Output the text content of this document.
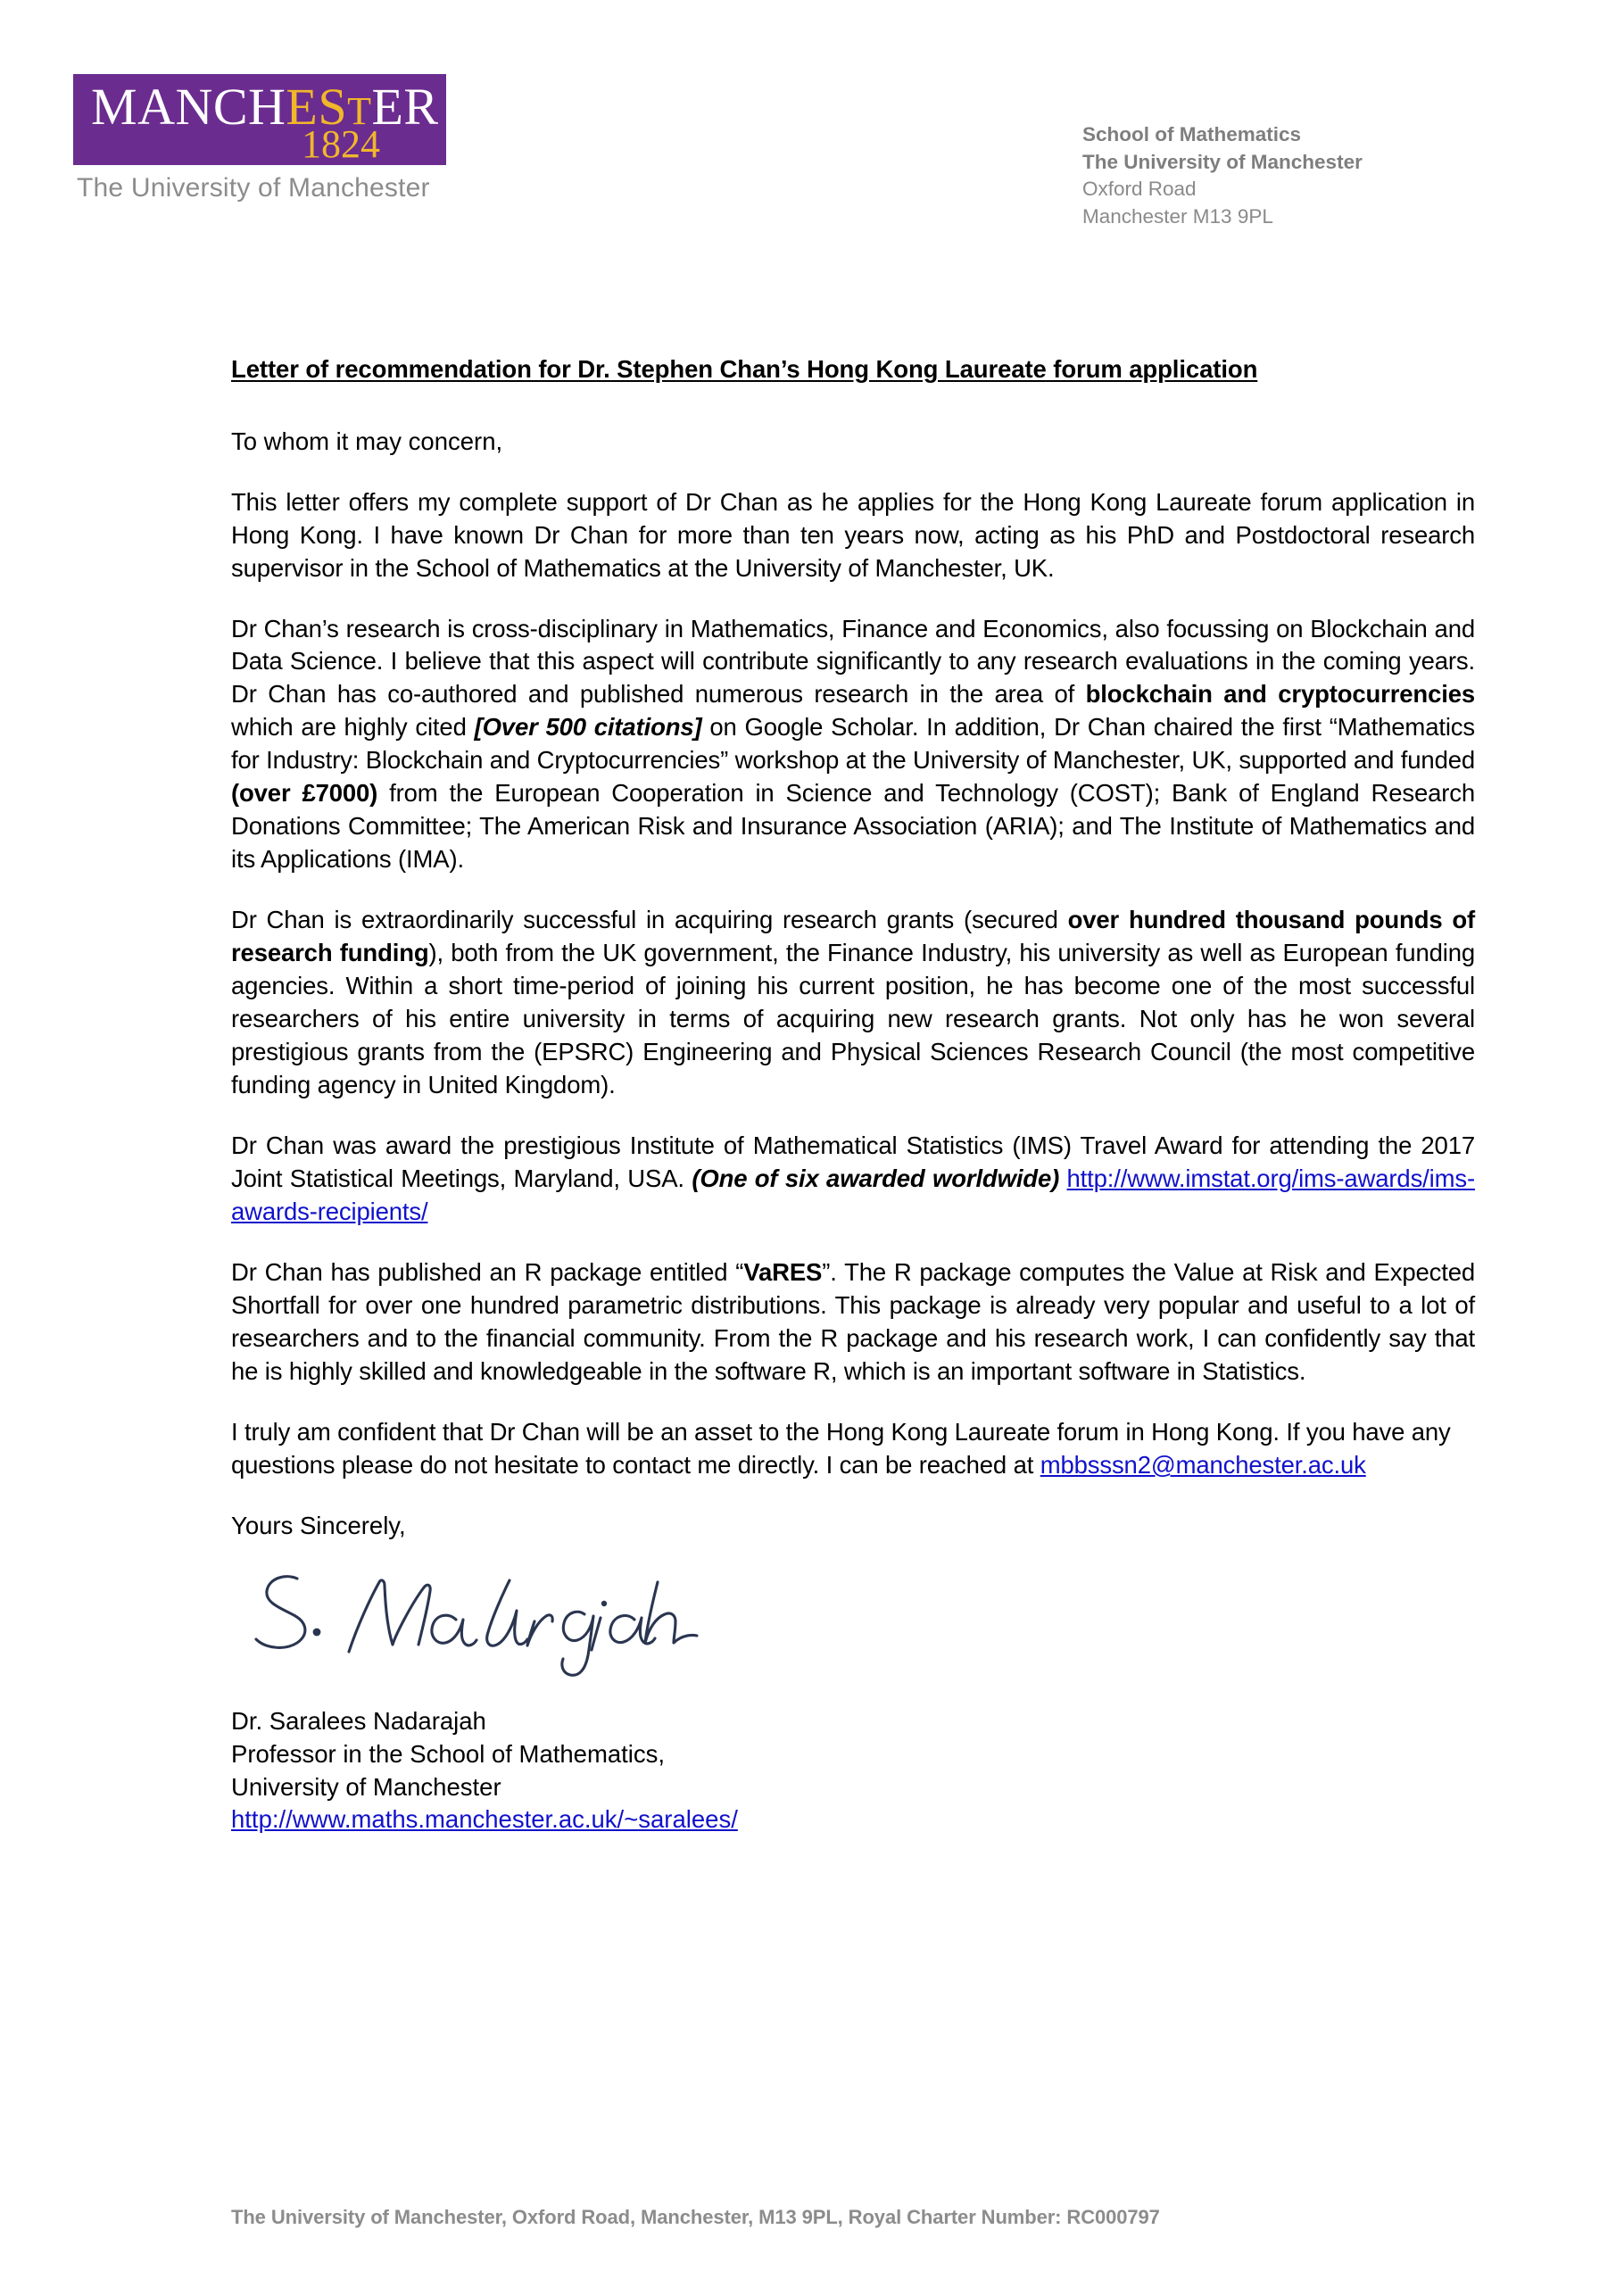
MANCHESTER
1824
The University of Manchester
School of Mathematics
The University of Manchester
Oxford Road
Manchester M13 9PL
Letter of recommendation for Dr. Stephen Chan’s Hong Kong Laureate forum application
To whom it may concern,

This letter offers my complete support of Dr Chan as he applies for the Hong Kong Laureate forum application in Hong Kong. I have known Dr Chan for more than ten years now, acting as his PhD and Postdoctoral research supervisor in the School of Mathematics at the University of Manchester, UK.

Dr Chan’s research is cross-disciplinary in Mathematics, Finance and Economics, also focussing on Blockchain and Data Science. I believe that this aspect will contribute significantly to any research evaluations in the coming years. Dr Chan has co-authored and published numerous research in the area of blockchain and cryptocurrencies which are highly cited [Over 500 citations] on Google Scholar. In addition, Dr Chan chaired the first “Mathematics for Industry: Blockchain and Cryptocurrencies” workshop at the University of Manchester, UK, supported and funded (over £7000) from the European Cooperation in Science and Technology (COST); Bank of England Research Donations Committee; The American Risk and Insurance Association (ARIA); and The Institute of Mathematics and its Applications (IMA).

Dr Chan is extraordinarily successful in acquiring research grants (secured over hundred thousand pounds of research funding), both from the UK government, the Finance Industry, his university as well as European funding agencies. Within a short time-period of joining his current position, he has become one of the most successful researchers of his entire university in terms of acquiring new research grants. Not only has he won several prestigious grants from the (EPSRC) Engineering and Physical Sciences Research Council (the most competitive funding agency in United Kingdom).

Dr Chan was award the prestigious Institute of Mathematical Statistics (IMS) Travel Award for attending the 2017 Joint Statistical Meetings, Maryland, USA. (One of six awarded worldwide) http://www.imstat.org/ims-awards/ims-awards-recipients/

Dr Chan has published an R package entitled “VaRES”. The R package computes the Value at Risk and Expected Shortfall for over one hundred parametric distributions. This package is already very popular and useful to a lot of researchers and to the financial community. From the R package and his research work, I can confidently say that he is highly skilled and knowledgeable in the software R, which is an important software in Statistics.

I truly am confident that Dr Chan will be an asset to the Hong Kong Laureate forum in Hong Kong. If you have any questions please do not hesitate to contact me directly. I can be reached at mbbsssn2@manchester.ac.uk

Yours Sincerely,
Dr. Saralees Nadarajah
Professor in the School of Mathematics,
University of Manchester
http://www.maths.manchester.ac.uk/~saralees/
The University of Manchester, Oxford Road, Manchester, M13 9PL, Royal Charter Number: RC000797
